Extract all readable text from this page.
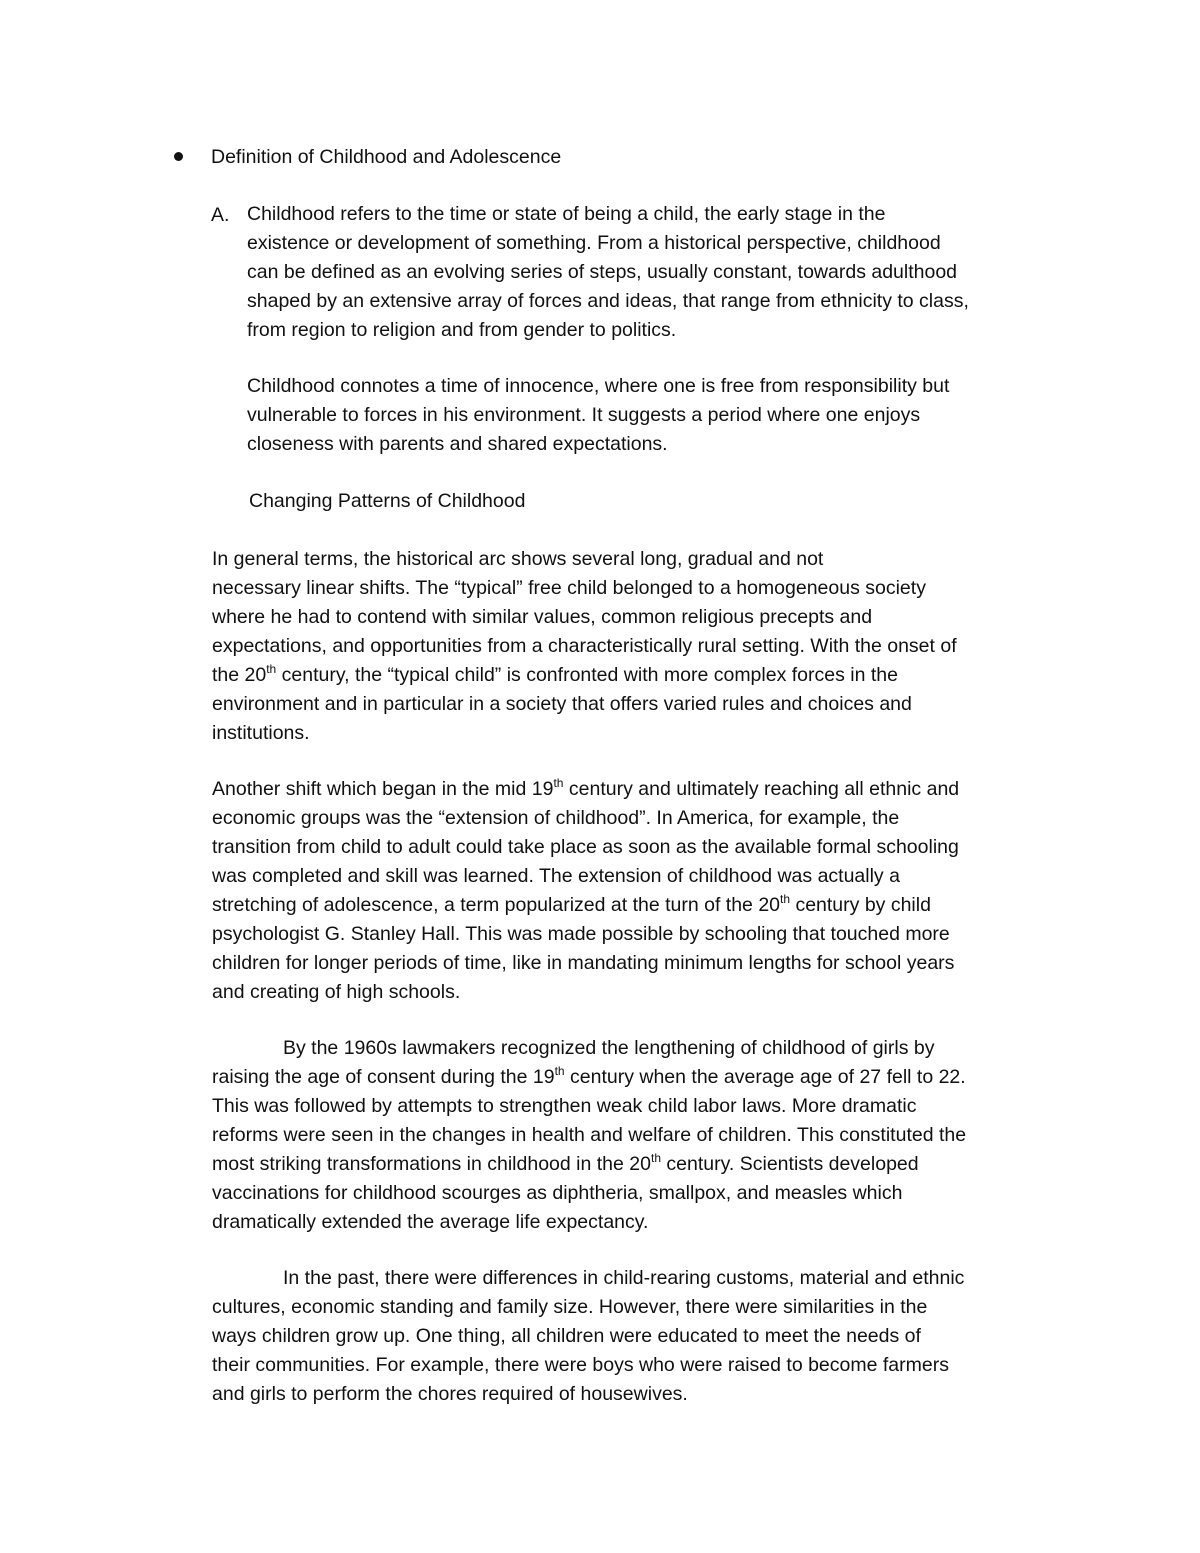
Definition of Childhood and Adolescence
A. Childhood refers to the time or state of being a child, the early stage in the
existence or development of something. From a historical perspective, childhood
can be defined as an evolving series of steps, usually constant, towards adulthood
shaped by an extensive array of forces and ideas, that range from ethnicity to class,
from region to religion and from gender to politics.
Childhood connotes a time of innocence, where one is free from responsibility but
vulnerable to forces in his environment. It suggests a period where one enjoys
closeness with parents and shared expectations.
Changing Patterns of Childhood
In general terms, the historical arc shows several long, gradual and not
necessary linear shifts. The “typical” free child belonged to a homogeneous society
where he had to contend with similar values, common religious precepts and
expectations, and opportunities from a characteristically rural setting. With the onset of
the 20th century, the “typical child” is confronted with more complex forces in the
environment and in particular in a society that offers varied rules and choices and
institutions.
Another shift which began in the mid 19th century and ultimately reaching all ethnic and
economic groups was the “extension of childhood”. In America, for example, the
transition from child to adult could take place as soon as the available formal schooling
was completed and skill was learned. The extension of childhood was actually a
stretching of adolescence, a term popularized at the turn of the 20th century by child
psychologist G. Stanley Hall. This was made possible by schooling that touched more
children for longer periods of time, like in mandating minimum lengths for school years
and creating of high schools.
By the 1960s lawmakers recognized the lengthening of childhood of girls by
raising the age of consent during the 19th century when the average age of 27 fell to 22.
This was followed by attempts to strengthen weak child labor laws. More dramatic
reforms were seen in the changes in health and welfare of children. This constituted the
most striking transformations in childhood in the 20th century. Scientists developed
vaccinations for childhood scourges as diphtheria, smallpox, and measles which
dramatically extended the average life expectancy.
In the past, there were differences in child-rearing customs, material and ethnic
cultures, economic standing and family size. However, there were similarities in the
ways children grow up. One thing, all children were educated to meet the needs of
their communities. For example, there were boys who were raised to become farmers
and girls to perform the chores required of housewives.
